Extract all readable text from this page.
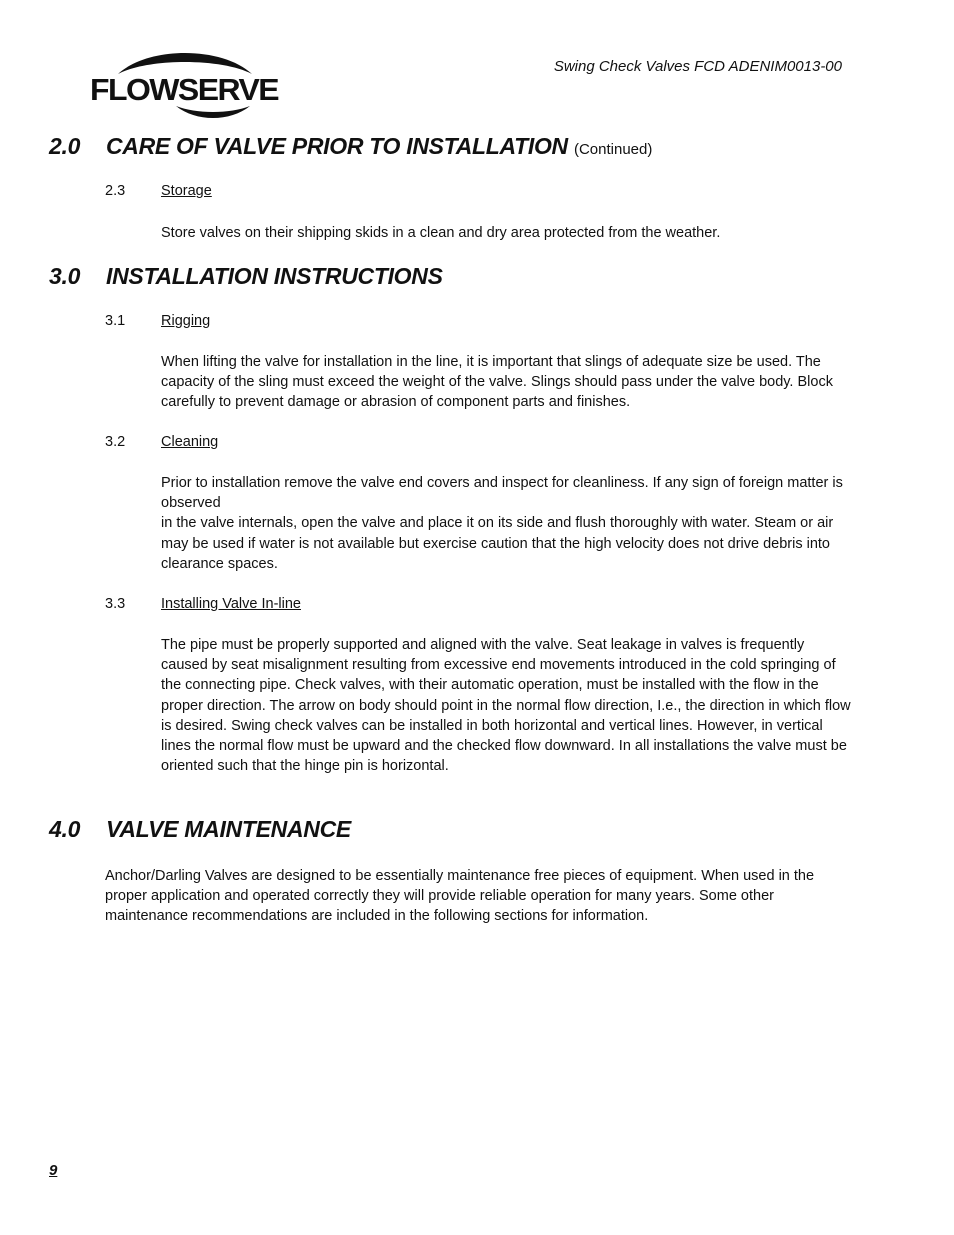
FLOWSERVE
Swing Check Valves FCD ADENIM0013-00
2.0 CARE OF VALVE PRIOR TO INSTALLATION (Continued)
2.3 Storage
Store valves on their shipping skids in a clean and dry area protected from the weather.
3.0 INSTALLATION INSTRUCTIONS
3.1 Rigging
When lifting the valve for installation in the line, it is important that slings of adequate size be used. The capacity of the sling must exceed the weight of the valve. Slings should pass under the valve body. Block carefully to prevent damage or abrasion of component parts and finishes.
3.2 Cleaning
Prior to installation remove the valve end covers and inspect for cleanliness. If any sign of foreign matter is observed
in the valve internals, open the valve and place it on its side and flush thoroughly with water. Steam or air may be used if water is not available but exercise caution that the high velocity does not drive debris into clearance spaces.
3.3 Installing Valve In-line
The pipe must be properly supported and aligned with the valve. Seat leakage in valves is frequently caused by seat misalignment resulting from excessive end movements introduced in the cold springing of the connecting pipe. Check valves, with their automatic operation, must be installed with the flow in the proper direction. The arrow on body should point in the normal flow direction, I.e., the direction in which flow is desired. Swing check valves can be installed in both horizontal and vertical lines. However, in vertical lines the normal flow must be upward and the checked flow downward. In all installations the valve must be oriented such that the hinge pin is horizontal.
4.0 VALVE MAINTENANCE
Anchor/Darling Valves are designed to be essentially maintenance free pieces of equipment. When used in the proper application and operated correctly they will provide reliable operation for many years. Some other maintenance recommendations are included in the following sections for information.
9
